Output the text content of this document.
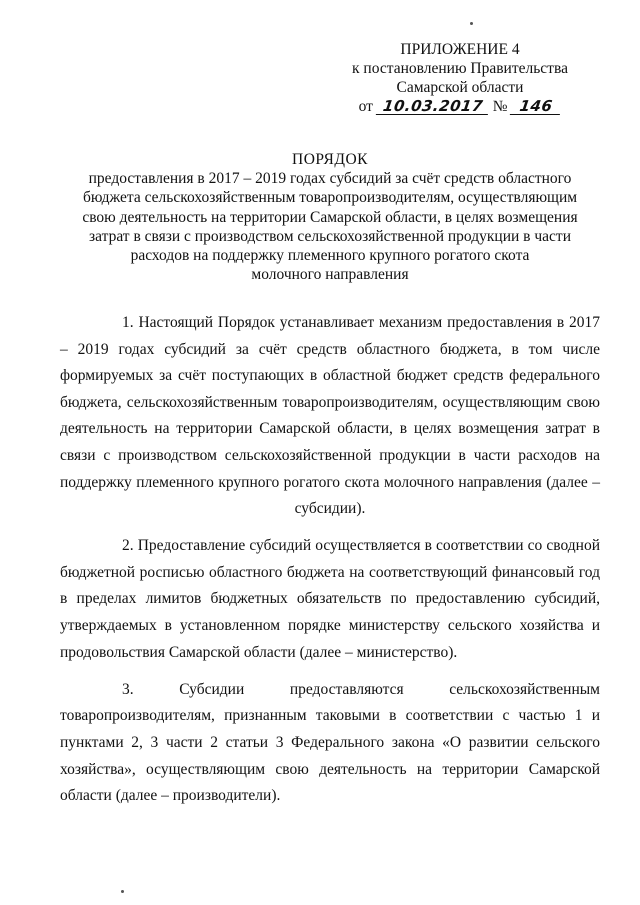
ПРИЛОЖЕНИЕ 4
к постановлению Правительства
Самарской области
от 10.03.2017 № 146
ПОРЯДОК
предоставления в 2017 – 2019 годах субсидий за счёт средств областного
бюджета сельскохозяйственным товаропроизводителям, осуществляющим
свою деятельность на территории Самарской области, в целях возмещения
затрат в связи с производством сельскохозяйственной продукции в части
расходов на поддержку племенного крупного рогатого скота
молочного направления

1. Настоящий Порядок устанавливает механизм предоставления в 2017 – 2019 годах субсидий за счёт средств областного бюджета, в том числе формируемых за счёт поступающих в областной бюджет средств федерального бюджета, сельскохозяйственным товаропроизводителям, осуществляющим свою деятельность на территории Самарской области, в целях возмещения затрат в связи с производством сельскохозяйственной продукции в части расходов на поддержку племенного крупного рогатого скота молочного направления (далее – субсидии).

2. Предоставление субсидий осуществляется в соответствии со сводной бюджетной росписью областного бюджета на соответствующий финансовый год в пределах лимитов бюджетных обязательств по предоставлению субсидий, утверждаемых в установленном порядке министерству сельского хозяйства и продовольствия Самарской области (далее – министерство).

3. Субсидии предоставляются сельскохозяйственным товаропроизводителям, признанным таковыми в соответствии с частью 1 и пунктами 2, 3 части 2 статьи 3 Федерального закона «О развитии сельского хозяйства», осуществляющим свою деятельность на территории Самарской области (далее – производители).
